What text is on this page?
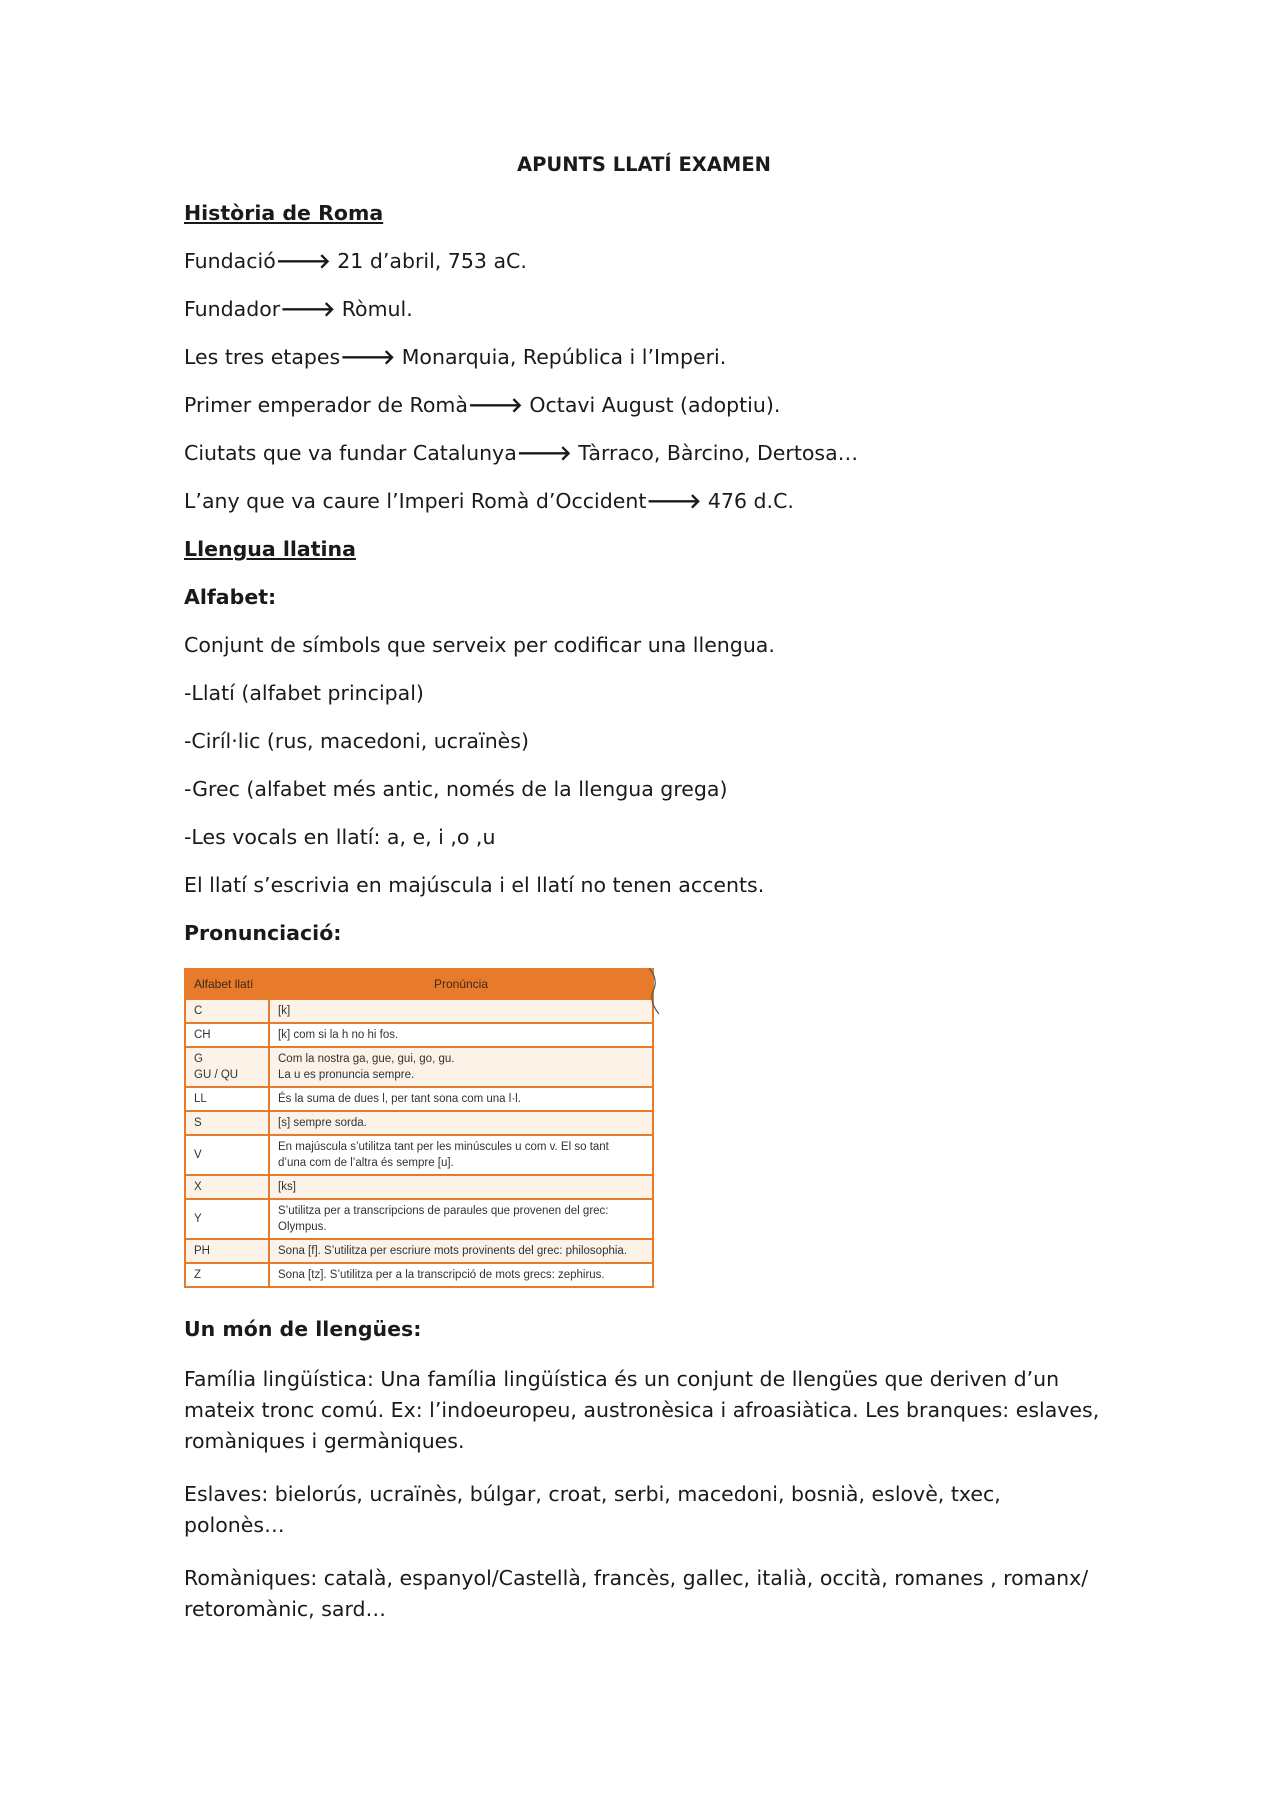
APUNTS LLATÍ EXAMEN

Història de Roma

Fundació🡒 21 d’abril, 753 aC.

Fundador🡒 Ròmul.

Les tres etapes🡒 Monarquia, República i l’Imperi.

Primer emperador de Romà🡒 Octavi August (adoptiu).

Ciutats que va fundar Catalunya🡒 Tàrraco, Bàrcino, Dertosa…

L’any que va caure l’Imperi Romà d’Occident🡒 476 d.C.

Llengua llatina

Alfabet:

Conjunt de símbols que serveix per codificar una llengua.

-Llatí (alfabet principal)

-Ciríl·lic (rus, macedoni, ucraïnès)

-Grec (alfabet més antic, només de la llengua grega)

-Les vocals en llatí: a, e, i ,o ,u

El llatí s’escrivia en majúscula i el llatí no tenen accents.

Pronunciació:

Alfabet llatí	Pronúncia
C	[k]
CH	[k] com si la h no hi fos.
G
GU / QU	Com la nostra ga, gue, gui, go, gu.
La u es pronuncia sempre.
LL	És la suma de dues l, per tant sona com una l·l.
S	[s] sempre sorda.
V	En majúscula s’utilitza tant per les minúscules u com v. El so tant
d’una com de l’altra és sempre [u].
X	[ks]
Y	S’utilitza per a transcripcions de paraules que provenen del grec:
Olympus.
PH	Sona [f]. S’utilitza per escriure mots provinents del grec: philosophia.
Z	Sona [tz]. S’utilitza per a la transcripció de mots grecs: zephirus.

Un món de llengües:

Família lingüística: Una família lingüística és un conjunt de llengües que deriven d’un mateix tronc comú. Ex: l’indoeuropeu, austronèsica i afroasiàtica. Les branques: eslaves, romàniques i germàniques.

Eslaves: bielorús, ucraïnès, búlgar, croat, serbi, macedoni, bosnià, eslovè, txec, polonès…

Romàniques: català, espanyol/Castellà, francès, gallec, italià, occità, romanes , romanx/ retoromànic, sard…
